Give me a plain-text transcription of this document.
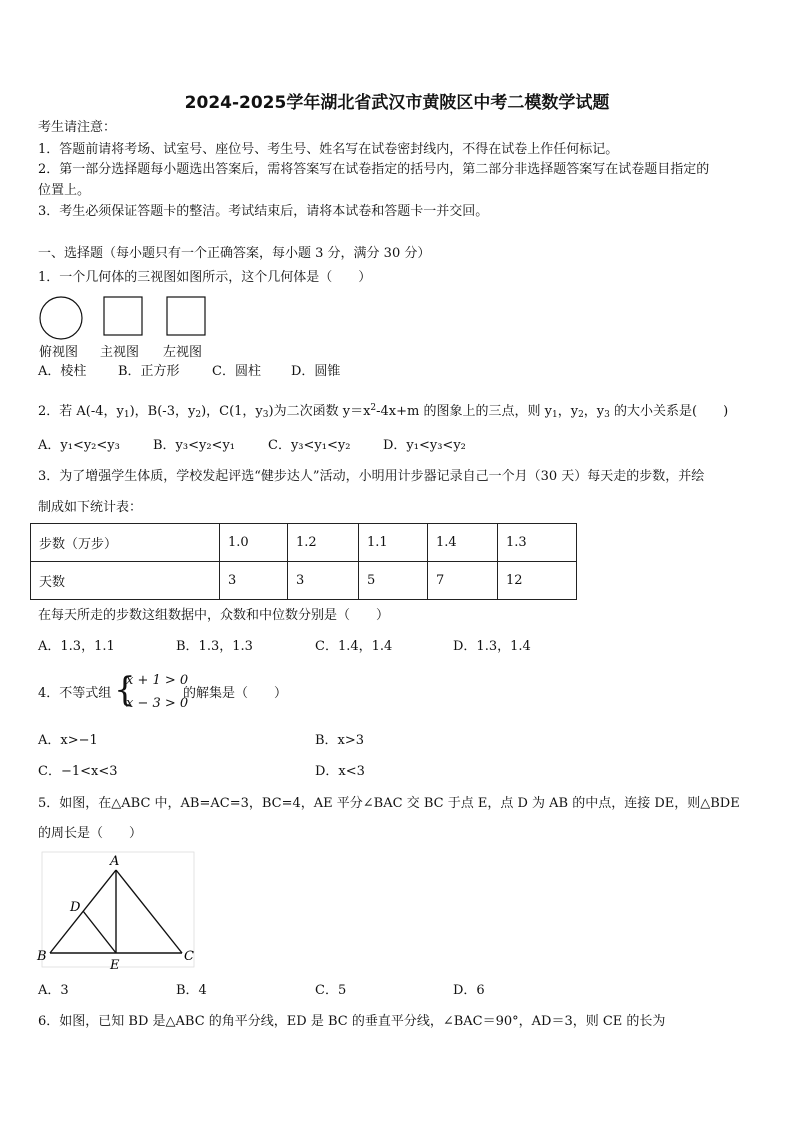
2024-2025学年湖北省武汉市黄陂区中考二模数学试题
考生请注意：
1．答题前请将考场、试室号、座位号、考生号、姓名写在试卷密封线内，不得在试卷上作任何标记。
2．第一部分选择题每小题选出答案后，需将答案写在试卷指定的括号内，第二部分非选择题答案写在试卷题目指定的
位置上。
3．考生必须保证答题卡的整洁。考试结束后，请将本试卷和答题卡一并交回。
一、选择题（每小题只有一个正确答案，每小题 3 分，满分 30 分）
1．一个几何体的三视图如图所示，这个几何体是（　　）
俯视图 主视图 左视图
A．棱柱 B．正方形 C．圆柱 D．圆锥
2．若 A(-4，$y_1$)，B(-3，$y_2$)，C(1，$y_3$)为二次函数 $y=x^2-4x+m$ 的图象上的三点，则 $y_1$，$y_2$，$y_3$ 的大小关系是(　　)
A．y₁<y₂<y₃	B．y₃<y₂<y₁	C．y₃<y₁<y₂	D．y₁<y₃<y₂
3．为了增强学生体质，学校发起评选“健步达人”活动，小明用计步器记录自己一个月（30 天）每天走的步数，并绘
制成如下统计表：
步数（万步）	1.0	1.2	1.1	1.4	1.3
天数	3	3	5	7	12
在每天所走的步数这组数据中，众数和中位数分别是（　　）
A．1.3，1.1	B．1.3，1.3	C．1.4，1.4	D．1.3，1.4
4．不等式组 {
x + 1 > 0
x − 3 > 0
的解集是（　　）
A．x>−1	B．x>3
C．−1<x<3	D．x<3
5．如图，在△ABC 中，AB=AC=3，BC=4，AE 平分∠BAC 交 BC 于点 E，点 D 为 AB 的中点，连接 DE，则△BDE
的周长是（　　）
A
D
B
E
C
A．3	B．4	C．5	D．6
6．如图，已知 BD 是△ABC 的角平分线，ED 是 BC 的垂直平分线，∠BAC＝90°，AD＝3，则 CE 的长为
